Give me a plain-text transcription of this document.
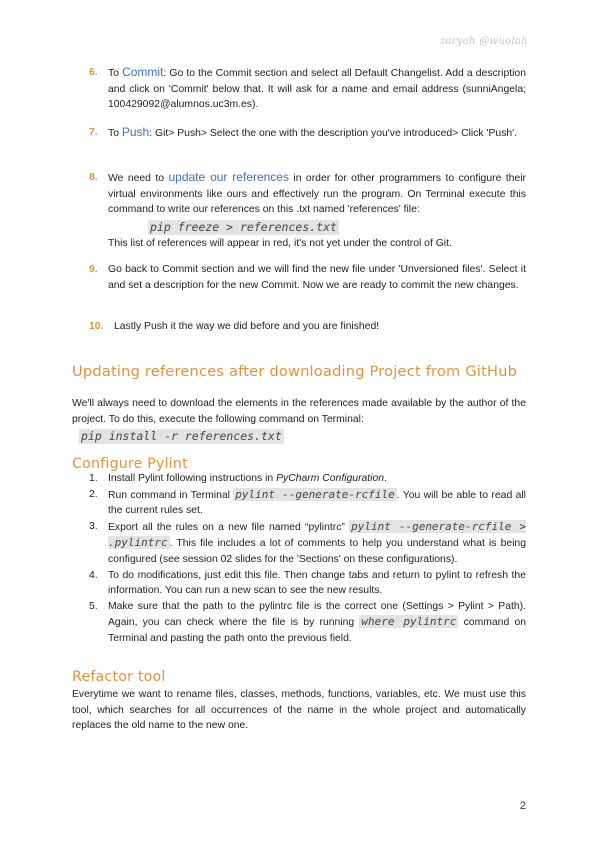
zaryah @wuolah
6. To Commit: Go to the Commit section and select all Default Changelist. Add a description and click on 'Commit' below that. It will ask for a name and email address (sunniAngela; 100429092@alumnos.uc3m.es).

7. To Push: Git> Push> Select the one with the description you've introduced> Click 'Push'.

8. We need to update our references in order for other programmers to configure their virtual environments like ours and effectively run the program. On Terminal execute this command to write our references on this .txt named 'references' file:

pip freeze > references.txt

This list of references will appear in red, it's not yet under the control of Git.

9. Go back to Commit section and we will find the new file under 'Unversioned files'. Select it and set a description for the new Commit. Now we are ready to commit the new changes.

10. Lastly Push it the way we did before and you are finished!

Updating references after downloading Project from GitHub

We'll always need to download the elements in the references made available by the author of the project. To do this, execute the following command on Terminal:

pip install -r references.txt
Configure Pylint
1. Install Pylint following instructions in PyCharm Configuration.

2. Run command in Terminal pylint --generate-rcfile . You will be able to read all the current rules set.

3. Export all the rules on a new file named “pylintrc” pylint --generate-rcfile > .pylintrc . This file includes a lot of comments to help you understand what is being configured (see session 02 slides for the 'Sections' on these configurations).

4. To do modifications, just edit this file. Then change tabs and return to pylint to refresh the information. You can run a new scan to see the new results.

5. Make sure that the path to the pylintrc file is the correct one (Settings > Pylint > Path). Again, you can check where the file is by running where pylintrc command on Terminal and pasting the path onto the previous field.

Refactor tool

Everytime we want to rename files, classes, methods, functions, variables, etc. We must use this tool, which searches for all occurrences of the name in the whole project and automatically replaces the old name to the new one.

2
